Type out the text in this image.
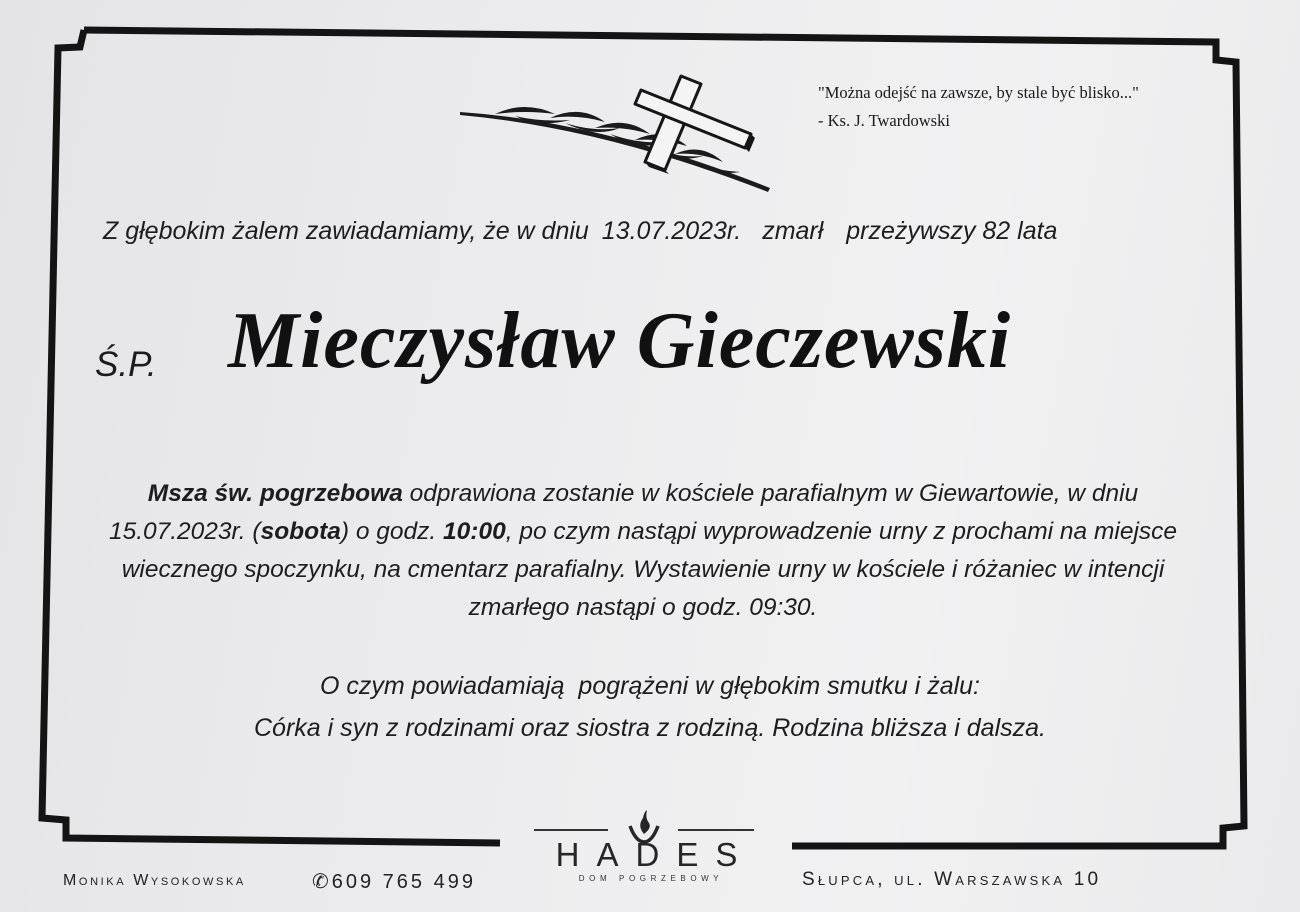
"Można odejść na zawsze, by stale być blisko..."
- Ks. J. Twardowski
Z głębokim żalem zawiadamiamy, że w dniu 13.07.2023r. zmarł przeżywszy 82 lata
Ś.P. Mieczysław Gieczewski
Msza św. pogrzebowa odprawiona zostanie w kościele parafialnym w Giewartowie, w dniu 15.07.2023r. (sobota) o godz. 10:00, po czym nastąpi wyprowadzenie urny z prochami na miejsce wiecznego spoczynku, na cmentarz parafialny. Wystawienie urny w kościele i różaniec w intencji zmarłego nastąpi o godz. 09:30.
O czym powiadamiają  pogrążeni w głębokim smutku i żalu:
Córka i syn z rodzinami oraz siostra z rodziną. Rodzina bliższa i dalsza.
Monika Wysokowska	✆609 765 499
HADES
dom pogrzebowy	Słupca, ul. Warszawska 10
